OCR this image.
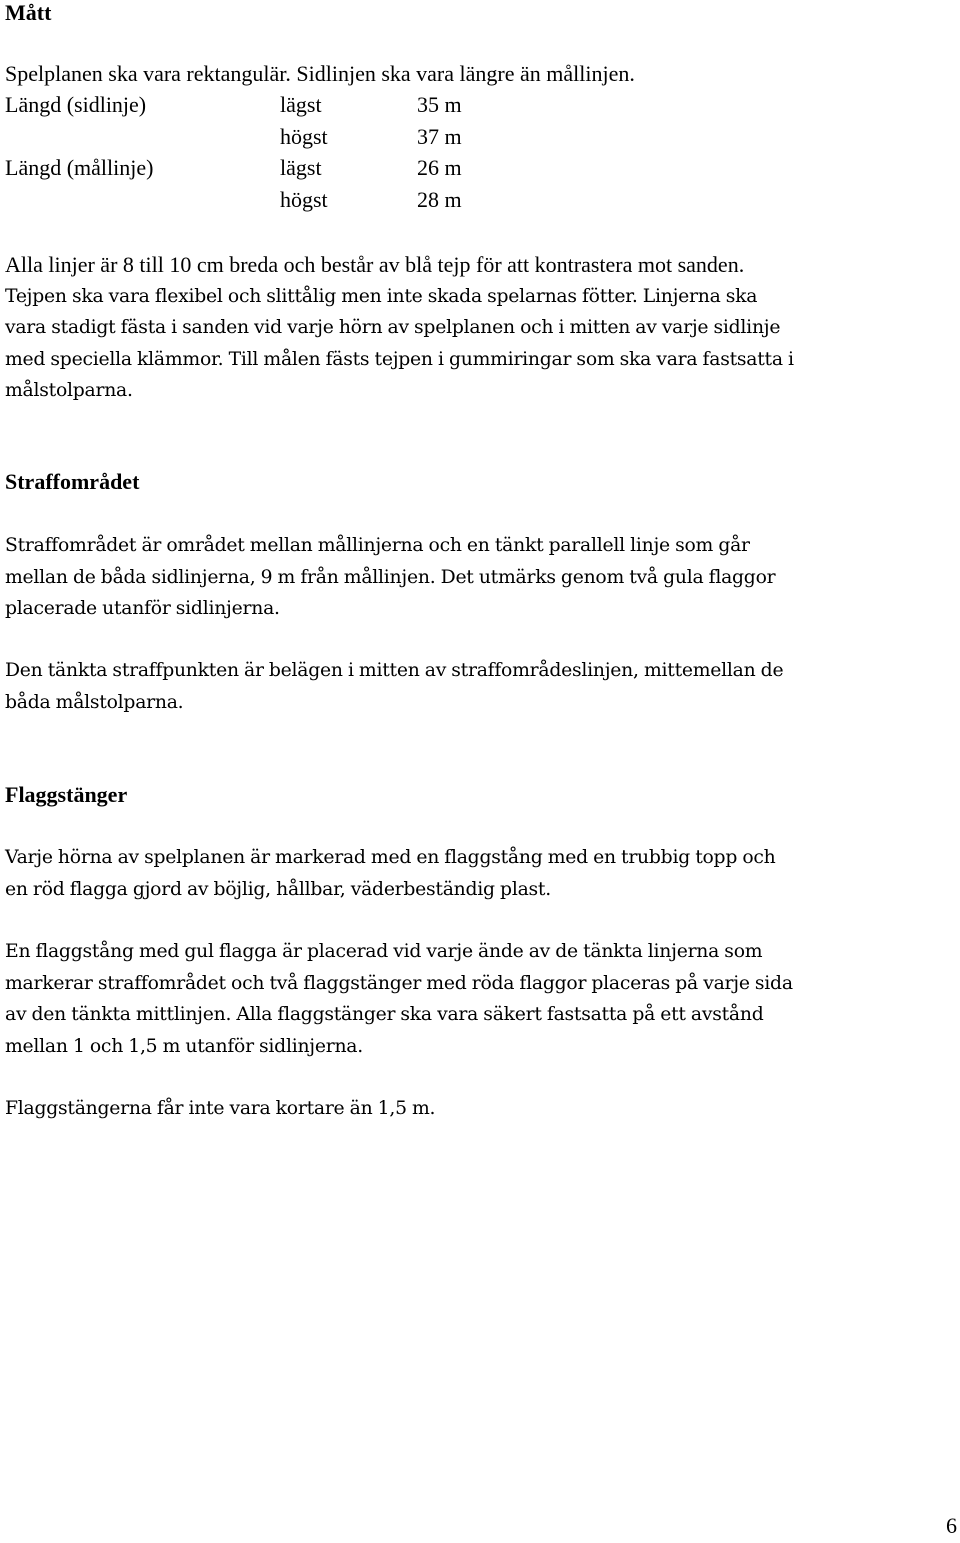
Mått
Spelplanen ska vara rektangulär. Sidlinjen ska vara längre än mållinjen.
Längd (sidlinje)	lägst	35 m
	högst	37 m
Längd (mållinje)	lägst	26 m
	högst	28 m
Alla linjer är 8 till 10 cm breda och består av blå tejp för att kontrastera mot sanden.
Tejpen ska vara flexibel och slittålig men inte skada spelarnas fötter. Linjerna ska
vara stadigt fästa i sanden vid varje hörn av spelplanen och i mitten av varje sidlinje
med speciella klämmor. Till målen fästs tejpen i gummiringar som ska vara fastsatta i
målstolparna.
Straffområdet
Straffområdet är området mellan mållinjerna och en tänkt parallell linje som går
mellan de båda sidlinjerna, 9 m från mållinjen. Det utmärks genom två gula flaggor
placerade utanför sidlinjerna.
Den tänkta straffpunkten är belägen i mitten av straffområdeslinjen, mittemellan de
båda målstolparna.
Flaggstänger
Varje hörna av spelplanen är markerad med en flaggstång med en trubbig topp och
en röd flagga gjord av böjlig, hållbar, väderbeständig plast.
En flaggstång med gul flagga är placerad vid varje ände av de tänkta linjerna som
markerar straffområdet och två flaggstänger med röda flaggor placeras på varje sida
av den tänkta mittlinjen. Alla flaggstänger ska vara säkert fastsatta på ett avstånd
mellan 1 och 1,5 m utanför sidlinjerna.
Flaggstängerna får inte vara kortare än 1,5 m.
6
